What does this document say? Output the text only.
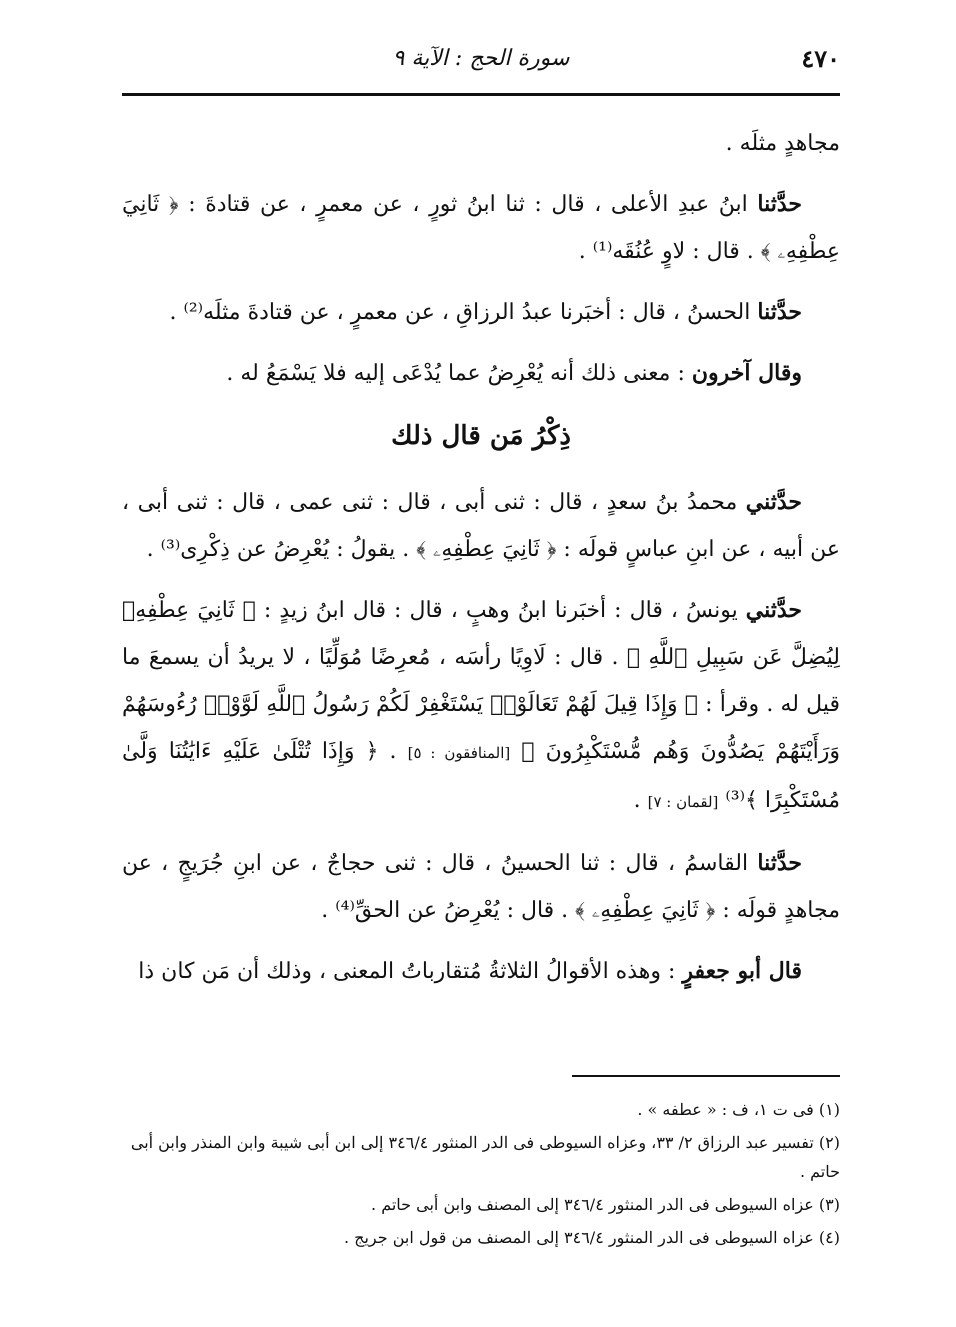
٤٧٠
سورة الحج : الآية ٩

مجاهدٍ مثلَه .

حدَّثنا ابنُ عبدِ الأعلى ، قال : ثنا ابنُ ثورٍ ، عن معمرٍ ، عن قتادةَ : ﴿ ثَانِيَ عِطْفِهِۦ ﴾ . قال : لاوٍ عُنُقَه⁽¹⁾ .

حدَّثنا الحسنُ ، قال : أخبَرنا عبدُ الرزاقِ ، عن معمرٍ ، عن قتادةَ مثلَه⁽²⁾ .

وقال آخرون : معنى ذلك أنه يُعْرِضُ عما يُدْعَى إليه فلا يَسْمَعُ له .

ذِكْرُ مَن قال ذلك

حدَّثني محمدُ بنُ سعدٍ ، قال : ثنى أبى ، قال : ثنى عمى ، قال : ثنى أبى ، عن أبيه ، عن ابنِ عباسٍ قولَه : ﴿ ثَانِيَ عِطْفِهِۦ ﴾ . يقولُ : يُعْرِضُ عن ذِكْرِى⁽³⁾ .

حدَّثني يونسُ ، قال : أخبَرنا ابنُ وهبٍ ، قال : قال ابنُ زيدٍ : ﴿ ثَانِيَ عِطْفِهِۦ لِيُضِلَّ عَن سَبِيلِ ٱللَّهِ ﴾ . قال : لَاوِيًا رأسَه ، مُعرِضًا مُوَلِّيًا ، لا يريدُ أن يسمعَ ما قيل له . وقرأ : ﴿ وَإِذَا قِيلَ لَهُمْ تَعَالَوْا۟ يَسْتَغْفِرْ لَكُمْ رَسُولُ ٱللَّهِ لَوَّوْا۟ رُءُوسَهُمْ وَرَأَيْتَهُمْ يَصُدُّونَ وَهُم مُّسْتَكْبِرُونَ ﴾ [المنافقون : ٥] . ﴿ وَإِذَا تُتْلَىٰ عَلَيْهِ ءَايَٰتُنَا وَلَّىٰ مُسْتَكْبِرًا ﴾⁽³⁾ [لقمان : ٧] .

حدَّثنا القاسمُ ، قال : ثنا الحسينُ ، قال : ثنى حجاجٌ ، عن ابنِ جُرَيجٍ ، عن مجاهدٍ قولَه : ﴿ ثَانِيَ عِطْفِهِۦ ﴾ . قال : يُعْرِضُ عن الحقِّ⁽⁴⁾ .

قال أبو جعفرٍ : وهذه الأقوالُ الثلاثةُ مُتقارباتُ المعنى ، وذلك أن مَن كان ذا

(١) فى ت ١، ف : « عطفه » .

(٢) تفسير عبد الرزاق ٢/ ٣٣، وعزاه السيوطى فى الدر المنثور ٣٤٦/٤ إلى ابن أبى شيبة وابن المنذر وابن أبى حاتم .

(٣) عزاه السيوطى فى الدر المنثور ٣٤٦/٤ إلى المصنف وابن أبى حاتم .

(٤) عزاه السيوطى فى الدر المنثور ٣٤٦/٤ إلى المصنف من قول ابن جريج .
